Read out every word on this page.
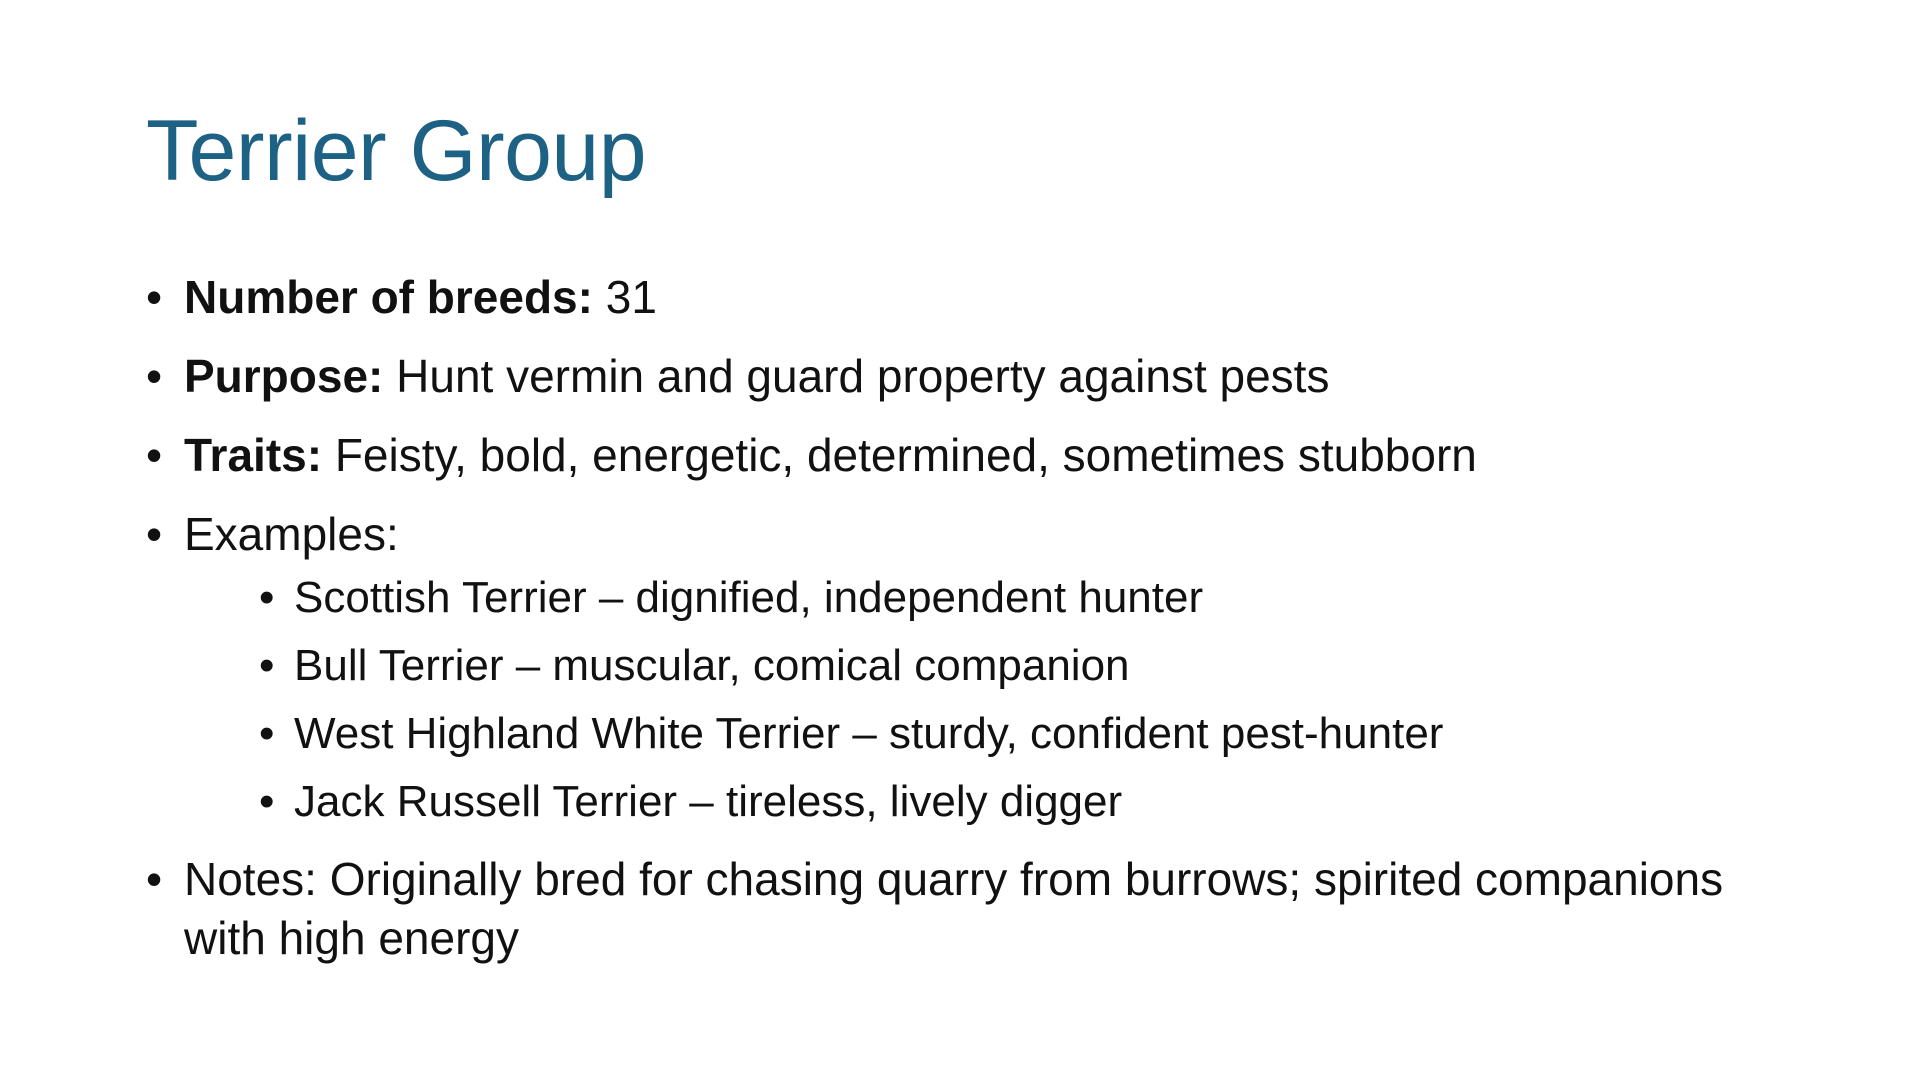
Terrier Group
• Number of breeds: 31
• Purpose: Hunt vermin and guard property against pests
• Traits: Feisty, bold, energetic, determined, sometimes stubborn
• Examples:
• Scottish Terrier – dignified, independent hunter
• Bull Terrier – muscular, comical companion
• West Highland White Terrier – sturdy, confident pest-hunter
• Jack Russell Terrier – tireless, lively digger
• Notes: Originally bred for chasing quarry from burrows; spirited companions with high energy
